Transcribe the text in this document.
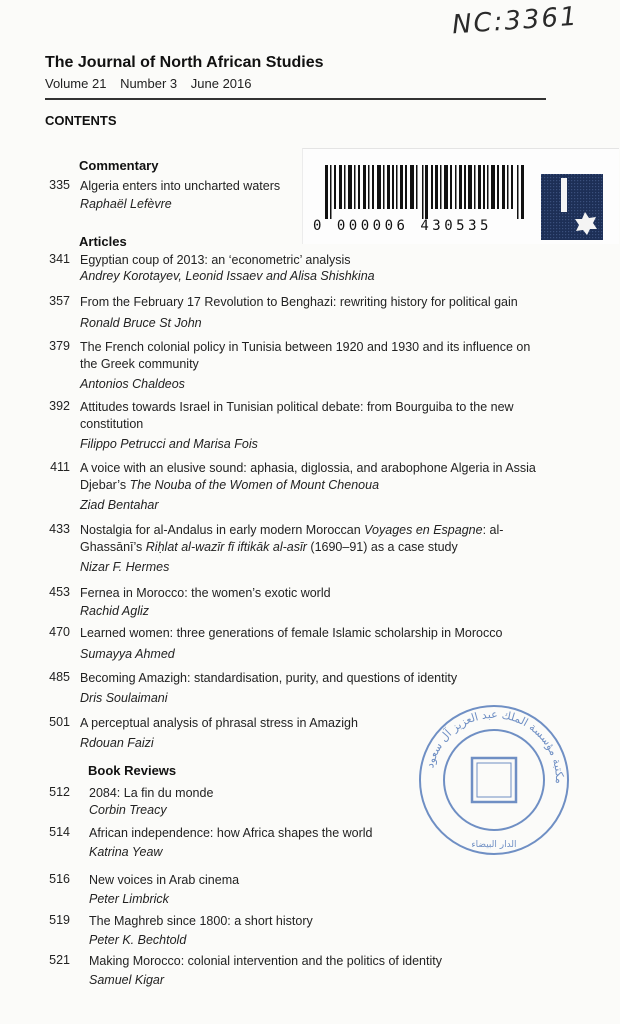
NC:3361
The Journal of North African Studies
Volume 21 Number 3 June 2016
CONTENTS
Commentary
335 Algeria enters into uncharted waters
Raphaël Lefèvre
Articles
341 Egyptian coup of 2013: an ‘econometric’ analysis
Andrey Korotayev, Leonid Issaev and Alisa Shishkina
357 From the February 17 Revolution to Benghazi: rewriting history for political gain
Ronald Bruce St John
379 The French colonial policy in Tunisia between 1920 and 1930 and its influence on
the Greek community
Antonios Chaldeos
392 Attitudes towards Israel in Tunisian political debate: from Bourguiba to the new
constitution
Filippo Petrucci and Marisa Fois
411 A voice with an elusive sound: aphasia, diglossia, and arabophone Algeria in Assia
Djebar’s The Nouba of the Women of Mount Chenoua
Ziad Bentahar
433 Nostalgia for al-Andalus in early modern Moroccan Voyages en Espagne: al-
Ghassānī’s Riḥlat al-wazīr fī iftikāk al-asīr (1690–91) as a case study
Nizar F. Hermes
453 Fernea in Morocco: the women’s exotic world
Rachid Agliz
470 Learned women: three generations of female Islamic scholarship in Morocco
Sumayya Ahmed
485 Becoming Amazigh: standardisation, purity, and questions of identity
Dris Soulaimani
501 A perceptual analysis of phrasal stress in Amazigh
Rdouan Faizi
Book Reviews
512 2084: La fin du monde
Corbin Treacy
514 African independence: how Africa shapes the world
Katrina Yeaw
516 New voices in Arab cinema
Peter Limbrick
519 The Maghreb since 1800: a short history
Peter K. Bechtold
521 Making Morocco: colonial intervention and the politics of identity
Samuel Kigar
0 000006 430535
مكتبة مؤسسة الملك عبد العزيز آل سعود
الدار البيضاء
